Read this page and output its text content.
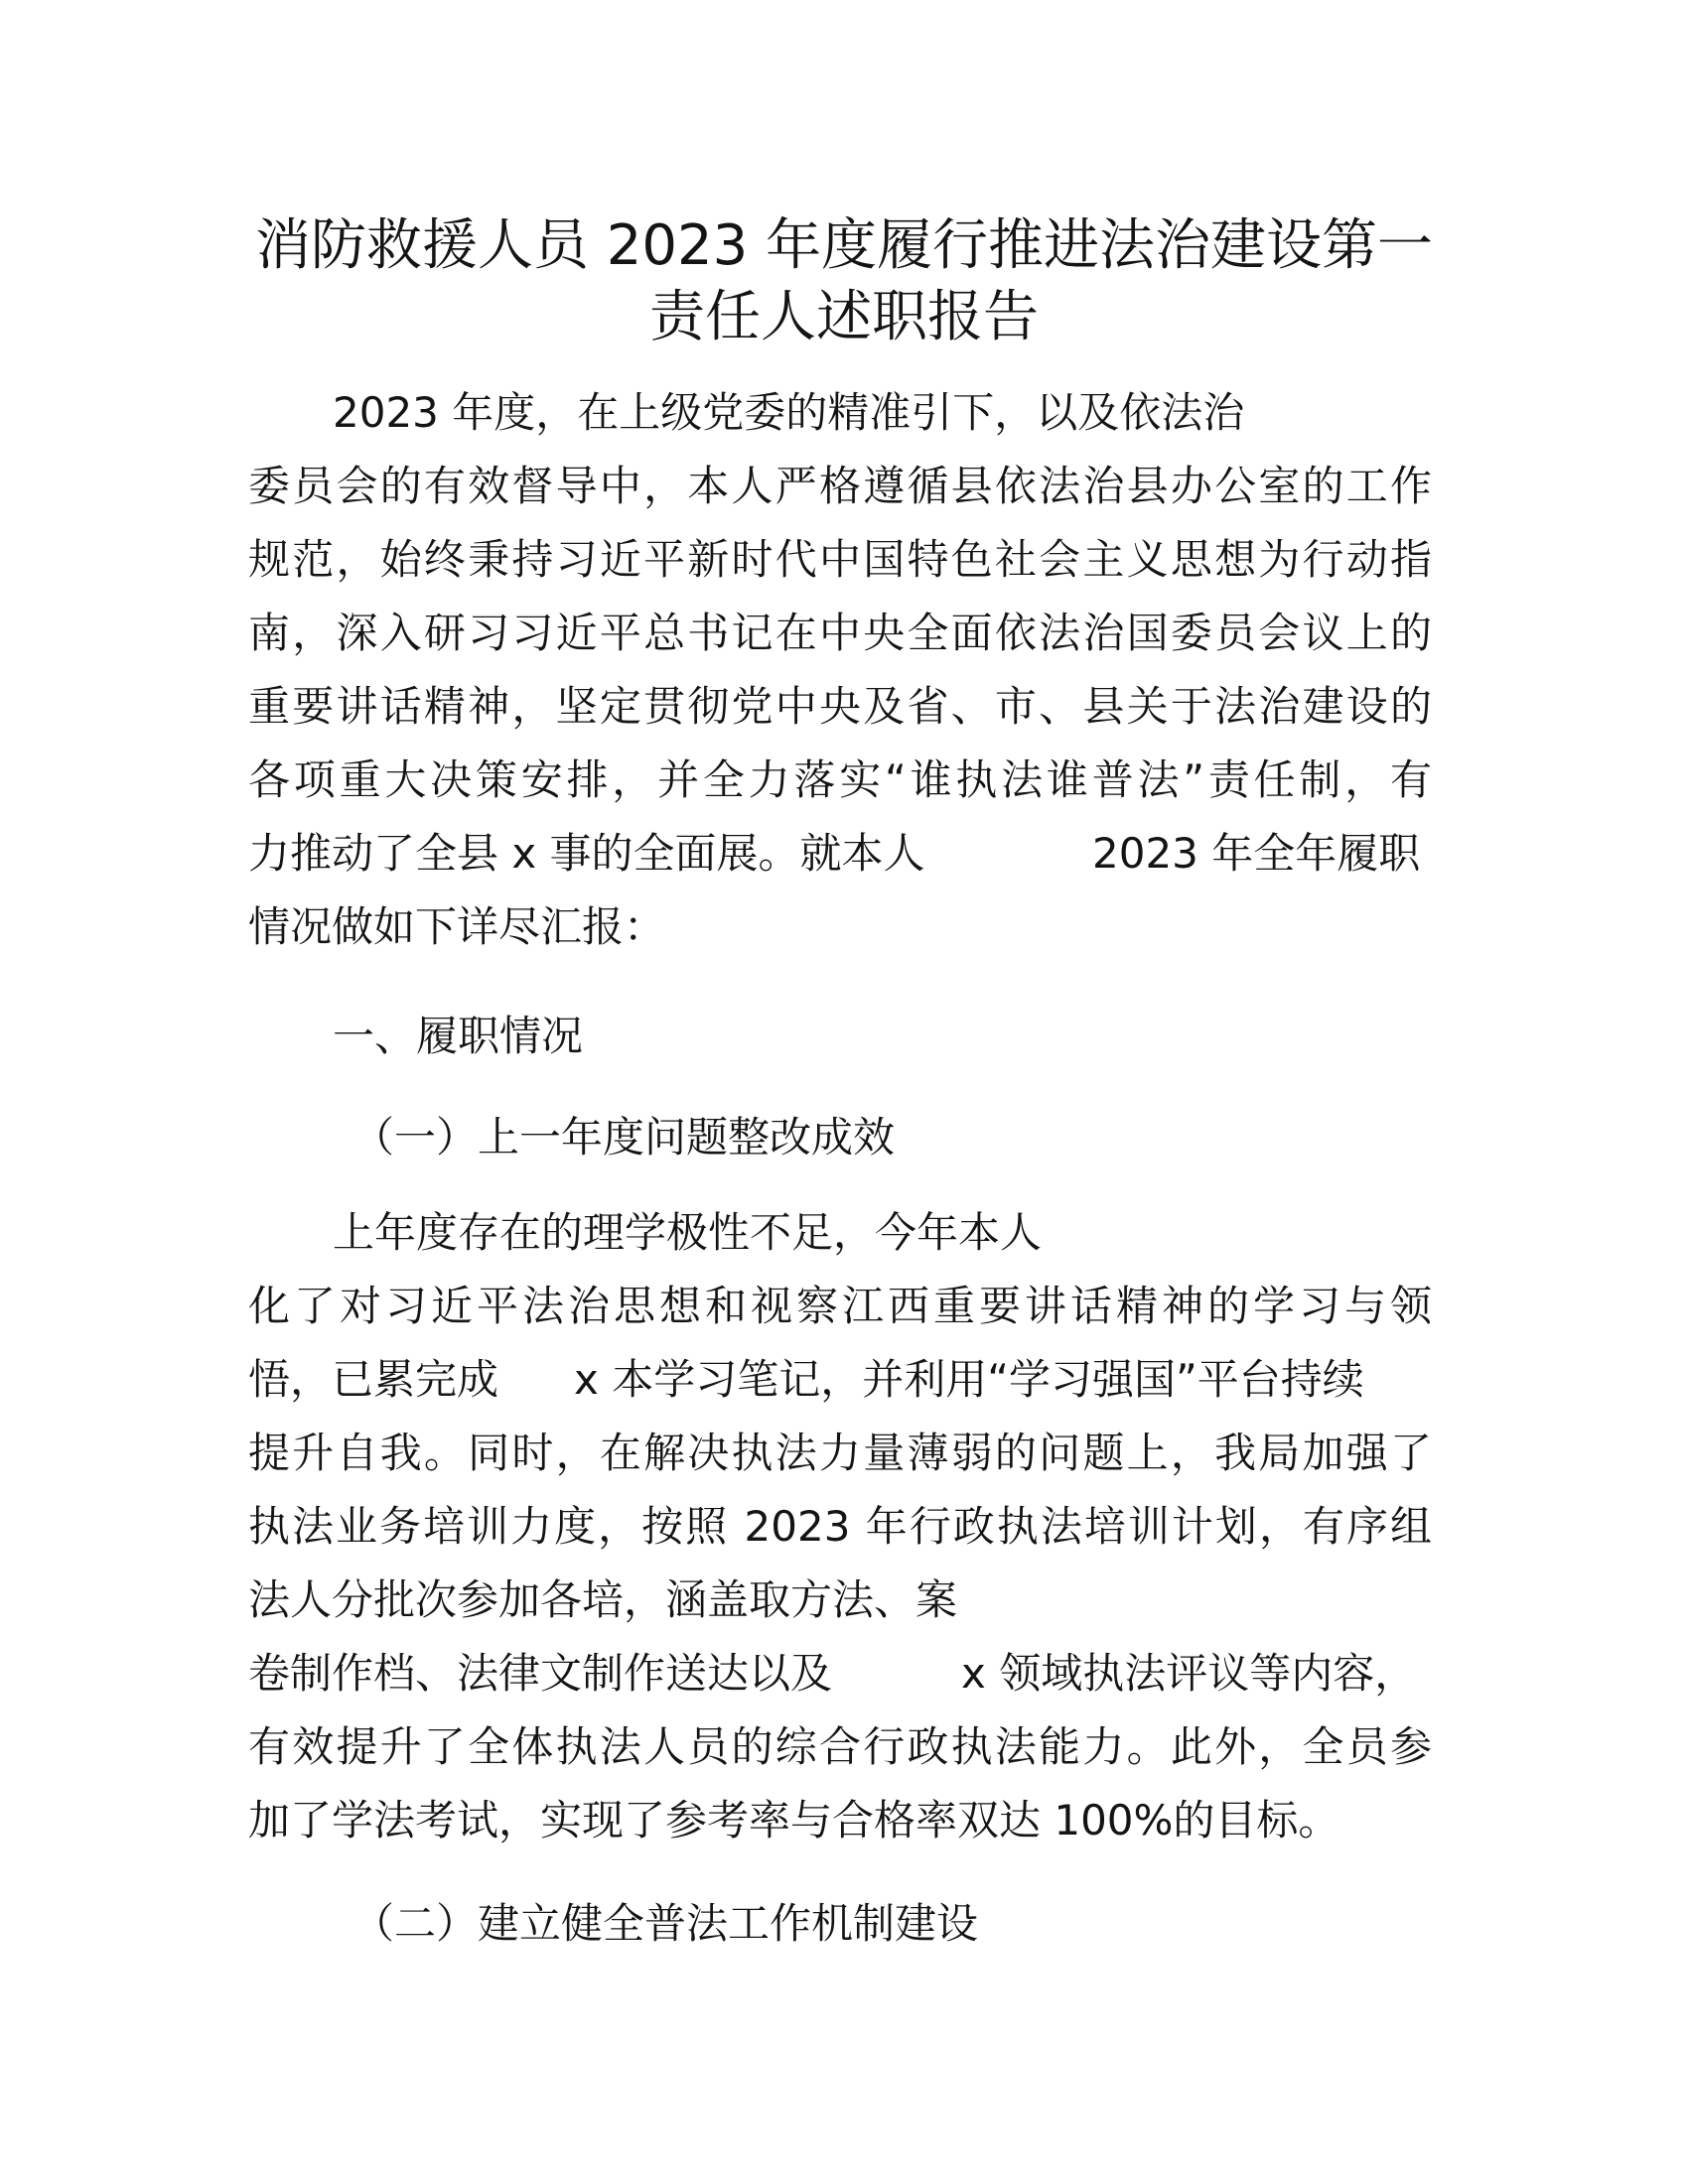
消防救援人员 2023 年度履行推进法治建设第一
责任人述职报告
2023 年度，在上级党委的精准引下，以及依法治
委员会的有效督导中，本人严格遵循县依法治县办公室的工作
规范，始终秉持习近平新时代中国特色社会主义思想为行动指
南，深入研习习近平总书记在中央全面依法治国委员会议上的
重要讲话精神，坚定贯彻党中央及省、市、县关于法治建设的
各项重大决策安排，并全力落实“谁执法谁普法”责任制，有
力推动了全县 x 事的全面展。就本人	2023 年全年履职
情况做如下详尽汇报：
一、履职情况
（一）上一年度问题整改成效
上年度存在的理学极性不足，今年本人
化了对习近平法治思想和视察江西重要讲话精神的学习与领
悟，已累完成	x 本学习笔记，并利用“学习强国”平台持续
提升自我。同时，在解决执法力量薄弱的问题上，我局加强了
执法业务培训力度，按照 2023 年行政执法培训计划，有序组
法人分批次参加各培，涵盖取方法、案
卷制作档、法律文制作送达以及	x 领域执法评议等内容，
有效提升了全体执法人员的综合行政执法能力。此外，全员参
加了学法考试，实现了参考率与合格率双达 100%的目标。
（二）建立健全普法工作机制建设
